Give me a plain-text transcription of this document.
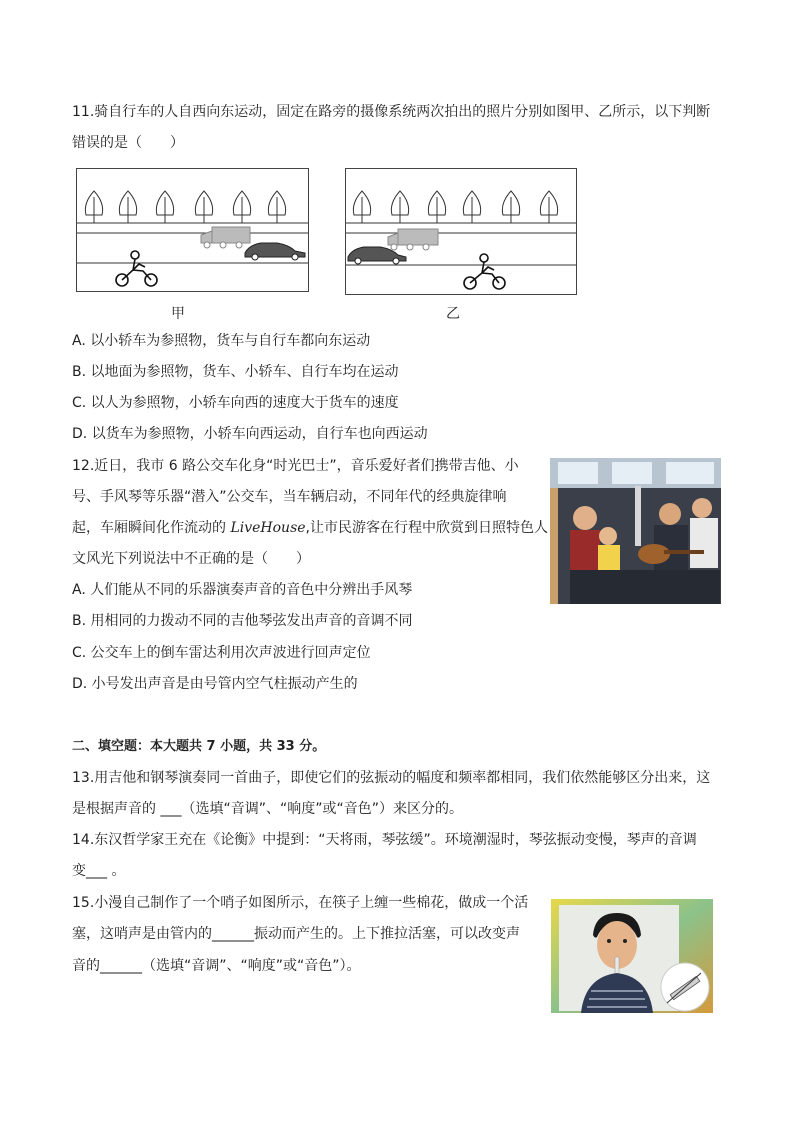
11.骑自行车的人自西向东运动，固定在路旁的摄像系统两次拍出的照片分别如图甲、乙所示，以下判断
错误的是（　　）
甲	乙
A. 以小轿车为参照物，货车与自行车都向东运动
B. 以地面为参照物，货车、小轿车、自行车均在运动
C. 以人为参照物，小轿车向西的速度大于货车的速度
D. 以货车为参照物，小轿车向西运动，自行车也向西运动
12.近日，我市 6 路公交车化身“时光巴士”，音乐爱好者们携带吉他、小
号、手风琴等乐器“潜入”公交车，当车辆启动，不同年代的经典旋律响
起，车厢瞬间化作流动的 LiveHouse,让市民游客在行程中欣赏到日照特色人
文风光下列说法中不正确的是（　　）
A. 人们能从不同的乐器演奏声音的音色中分辨出手风琴
B. 用相同的力拨动不同的吉他琴弦发出声音的音调不同
C. 公交车上的倒车雷达利用次声波进行回声定位
D. 小号发出声音是由号管内空气柱振动产生的
二、填空题：本大题共 7 小题，共 33 分。
13.用吉他和钢琴演奏同一首曲子，即使它们的弦振动的幅度和频率都相同，我们依然能够区分出来，这
是根据声音的 ___（选填“音调”、“响度”或“音色”）来区分的。
14.东汉哲学家王充在《论衡》中提到：“天将雨，琴弦缓”。环境潮湿时，琴弦振动变慢，琴声的音调
变___ 。
15.小漫自己制作了一个哨子如图所示，在筷子上缠一些棉花，做成一个活
塞，这哨声是由管内的______振动而产生的。上下推拉活塞，可以改变声
音的______（选填“音调”、“响度”或“音色”）。
